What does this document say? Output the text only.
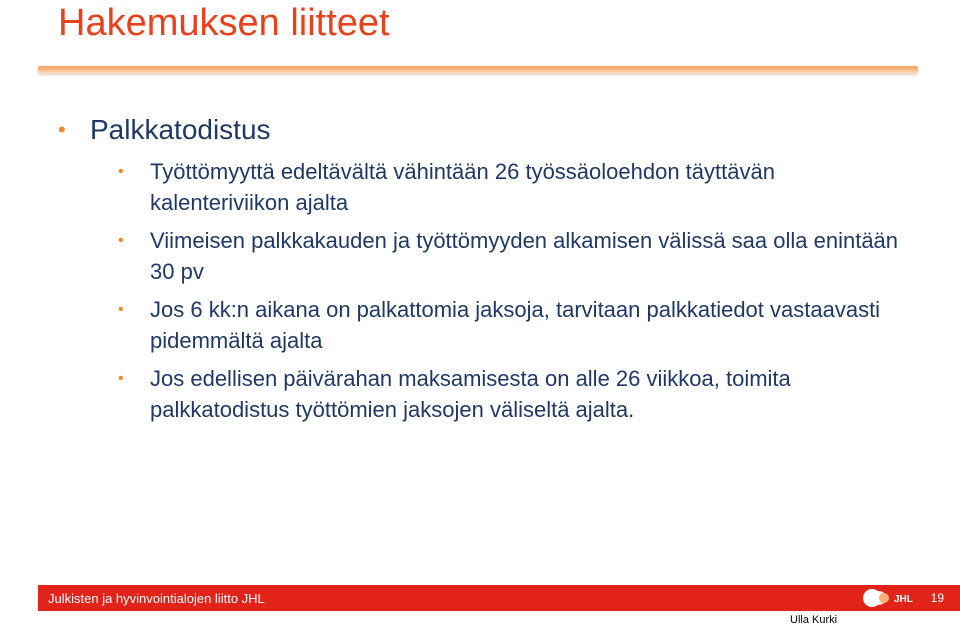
Hakemuksen liitteet
• Palkkatodistus
• Työttömyyttä edeltävältä vähintään 26 työssäoloehdon täyttävän kalenteriviikon ajalta
• Viimeisen palkkakauden ja työttömyyden alkamisen välissä saa olla enintään 30 pv
• Jos 6 kk:n aikana on palkattomia jaksoja, tarvitaan palkkatiedot vastaavasti pidemmältä ajalta
• Jos edellisen päivärahan maksamisesta on alle 26 viikkoa, toimita palkkatodistus työttömien jaksojen väliseltä ajalta.
Julkisten ja hyvinvointialojen liitto JHL	JHL 19
Ulla Kurki
